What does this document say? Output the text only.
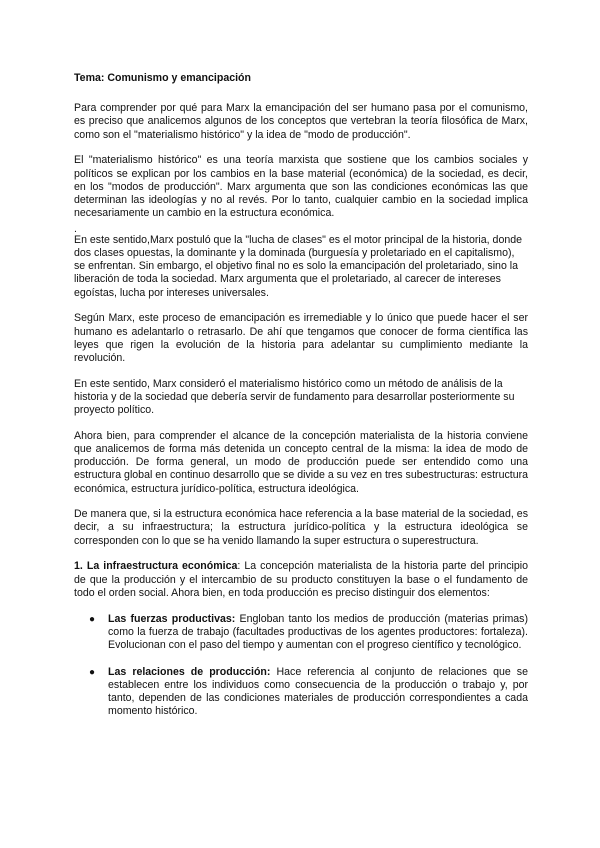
Tema: Comunismo y emancipación

Para comprender por qué para Marx la emancipación del ser humano pasa por el comunismo, es preciso que analicemos algunos de los conceptos que vertebran la teoría filosófica de Marx, como son el "materialismo histórico" y la idea de "modo de producción".

El "materialismo histórico" es una teoría marxista que sostiene que los cambios sociales y políticos se explican por los cambios en la base material (económica) de la sociedad, es decir, en los "modos de producción". Marx argumenta que son las condiciones económicas las que determinan las ideologías y no al revés. Por lo tanto, cualquier cambio en la sociedad implica necesariamente un cambio en la estructura económica.

.

En este sentido,Marx postuló que la "lucha de clases" es el motor principal de la historia, donde dos clases opuestas, la dominante y la dominada (burguesía y proletariado en el capitalismo), se enfrentan. Sin embargo, el objetivo final no es solo la emancipación del proletariado, sino la liberación de toda la sociedad. Marx argumenta que el proletariado, al carecer de intereses egoístas, lucha por intereses universales.

Según Marx, este proceso de emancipación es irremediable y lo único que puede hacer el ser humano es adelantarlo o retrasarlo. De ahí que tengamos que conocer de forma científica las leyes que rigen la evolución de la historia para adelantar su cumplimiento mediante la revolución.

En este sentido, Marx consideró el materialismo histórico como un método de análisis de la historia y de la sociedad que debería servir de fundamento para desarrollar posteriormente su proyecto político.

Ahora bien, para comprender el alcance de la concepción materialista de la historia conviene que analicemos de forma más detenida un concepto central de la misma: la idea de modo de producción. De forma general, un modo de producción puede ser entendido como una estructura global en continuo desarrollo que se divide a su vez en tres subestructuras: estructura económica, estructura jurídico-política, estructura ideológica.

De manera que, si la estructura económica hace referencia a la base material de la sociedad, es decir, a su infraestructura; la estructura jurídico-política y la estructura ideológica se corresponden con lo que se ha venido llamando la super estructura o superestructura.

1. La infraestructura económica: La concepción materialista de la historia parte del principio de que la producción y el intercambio de su producto constituyen la base o el fundamento de todo el orden social. Ahora bien, en toda producción es preciso distinguir dos elementos:

● Las fuerzas productivas: Engloban tanto los medios de producción (materias primas) como la fuerza de trabajo (facultades productivas de los agentes productores: fortaleza). Evolucionan con el paso del tiempo y aumentan con el progreso científico y tecnológico.
● Las relaciones de producción: Hace referencia al conjunto de relaciones que se establecen entre los individuos como consecuencia de la producción o trabajo y, por tanto, dependen de las condiciones materiales de producción correspondientes a cada momento histórico.
